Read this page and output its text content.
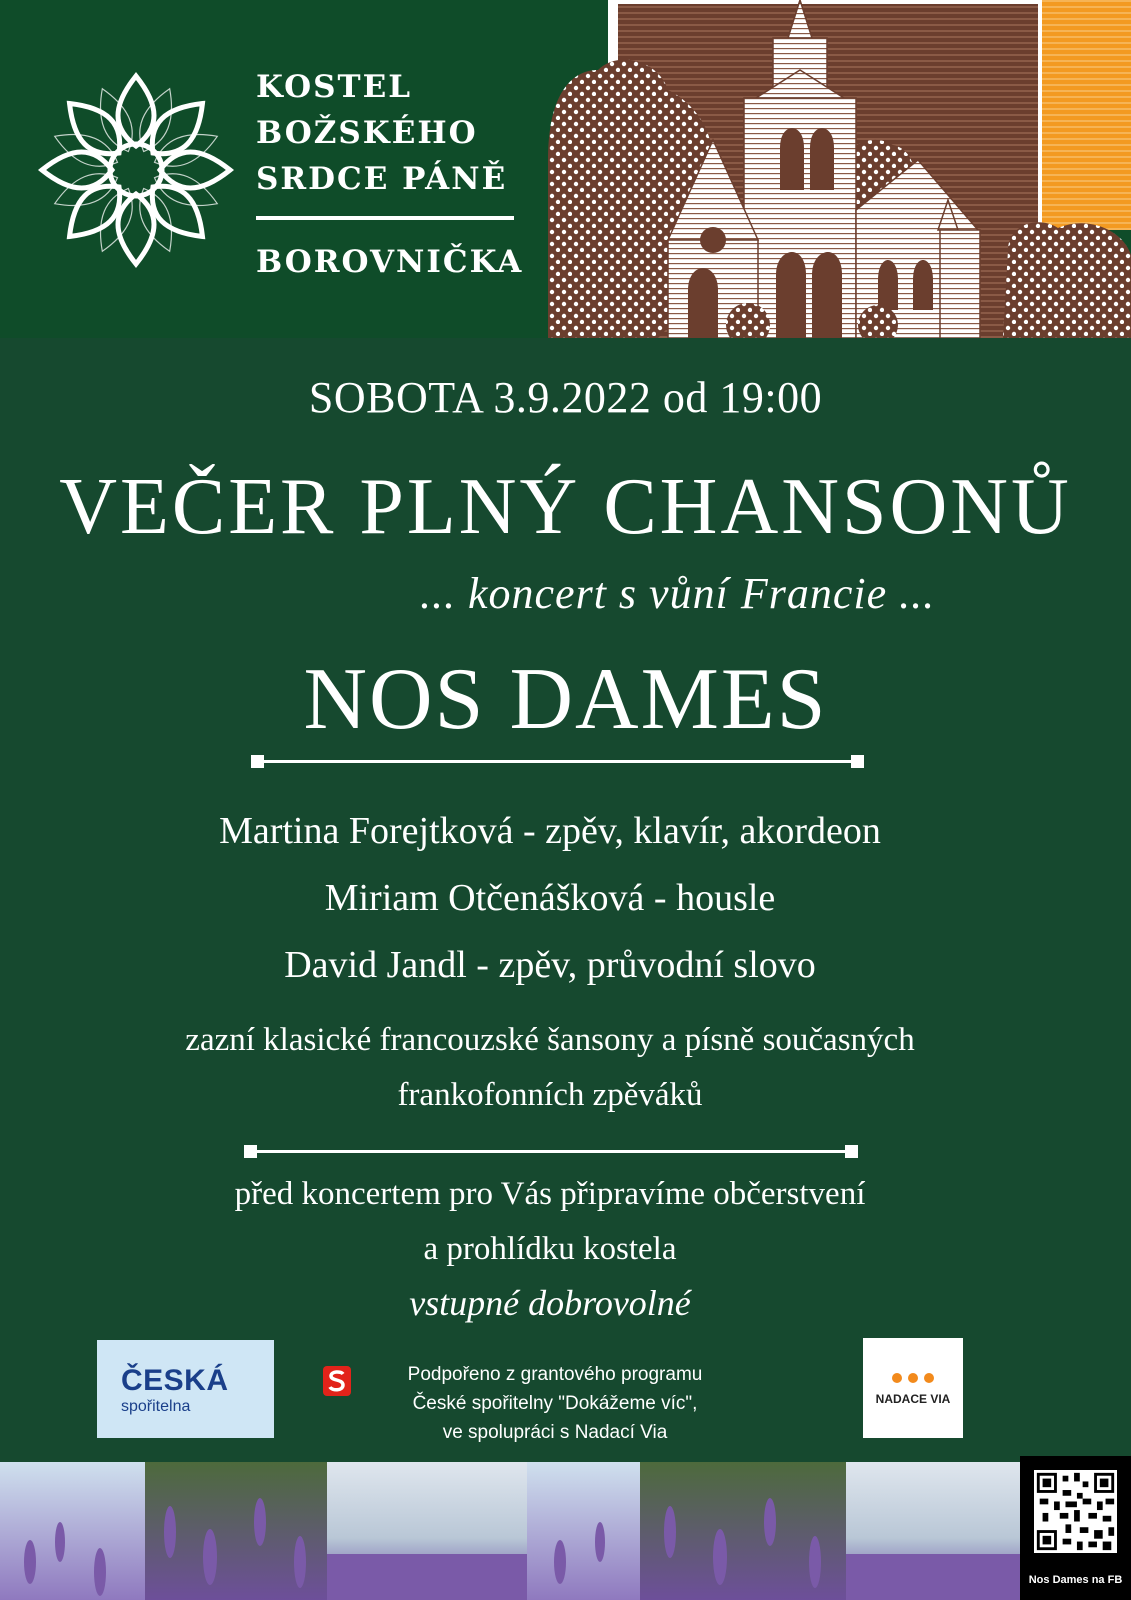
KOSTEL
BOŽSKÉHO
SRDCE PÁNĚ
BOROVNIČKA
SOBOTA 3.9.2022 od 19:00
VEČER PLNÝ CHANSONŮ
... koncert s vůní Francie ...
NOS DAMES
Martina Forejtková - zpěv, klavír, akordeon
Miriam Otčenášková - housle
David Jandl - zpěv, průvodní slovo
zazní klasické francouzské šansony a písně současných
frankofonních zpěváků
před koncertem pro Vás připravíme občerstvení
a prohlídku kostela
vstupné dobrovolné
ČESKÁ
spořitelna
Podpořeno z grantového programu
České spořitelny "Dokážeme víc",
ve spolupráci s Nadací Via
NADACE VIA
Nos Dames na FB
